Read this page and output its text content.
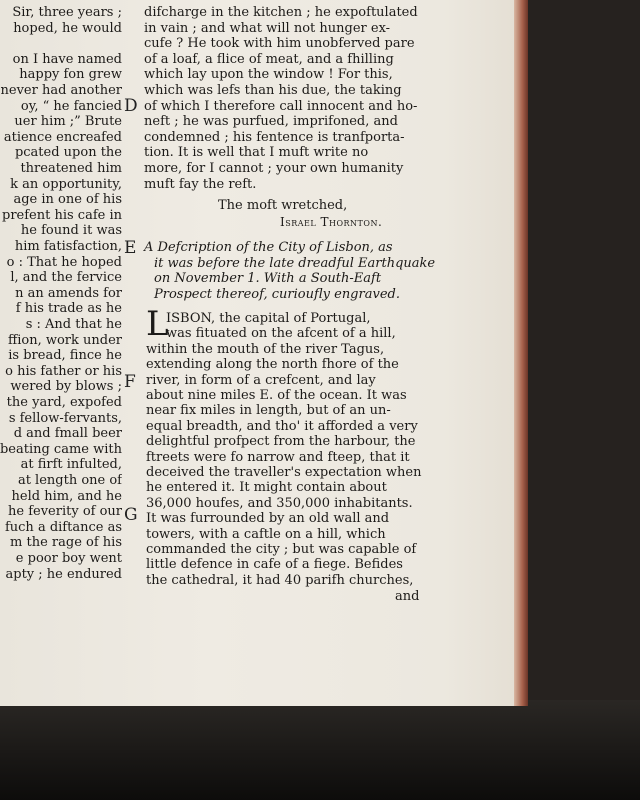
Sir, three years ;
hoped, he would
on I have named
happy fon grew
never had another
oy, “ he fancied
uer him ;” Brute
atience encreafed
pcated upon the
threatened him
k an opportunity,
age in one of his
prefent his cafe in
he found it was
him fatisfaction,
o : That he hoped
l, and the fervice
n an amends for
f his trade as he
s : And that he
ffion, work under
is bread, fince he
o his father or his
wered by blows ;
the yard, expofed
s fellow-fervants,
d and fmall beer
beating came with
at firft infulted,
at length one of
held him, and he
he feverity of our
fuch a diftance as
m the rage of his
e poor boy went
apty ; he endured
D
E
F
G
difcharge in the kitchen ; he expoftulated
in vain ; and what will not hunger ex-
cufe ? He took with him unobferved pare
of a loaf, a flice of meat, and a fhilling
which lay upon the window ! For this,
which was lefs than his due, the taking
of which I therefore call innocent and ho-
neft ; he was purfued, imprifoned, and
condemned ; his fentence is tranfporta-
tion. It is well that I muft write no
more, for I cannot ; your own humanity
muft fay the reft.
The moft wretched,
Israel Thornton.
A Defcription of the City of Lisbon, as
it was before the late dreadful Earthquake
on November 1. With a South-Eaft
Prospect thereof, curioufly engraved.
L
ISBON, the capital of Portugal,
was fituated on the afcent of a hill,
within the mouth of the river Tagus,
extending along the north fhore of the
river, in form of a crefcent, and lay
about nine miles E. of the ocean. It was
near fix miles in length, but of an un-
equal breadth, and tho' it afforded a very
delightful profpect from the harbour, the
ftreets were fo narrow and fteep, that it
deceived the traveller's expectation when
he entered it. It might contain about
36,000 houfes, and 350,000 inhabitants.
It was furrounded by an old wall and
towers, with a caftle on a hill, which
commanded the city ; but was capable of
little defence in cafe of a fiege. Befides
the cathedral, it had 40 parifh churches,
and
